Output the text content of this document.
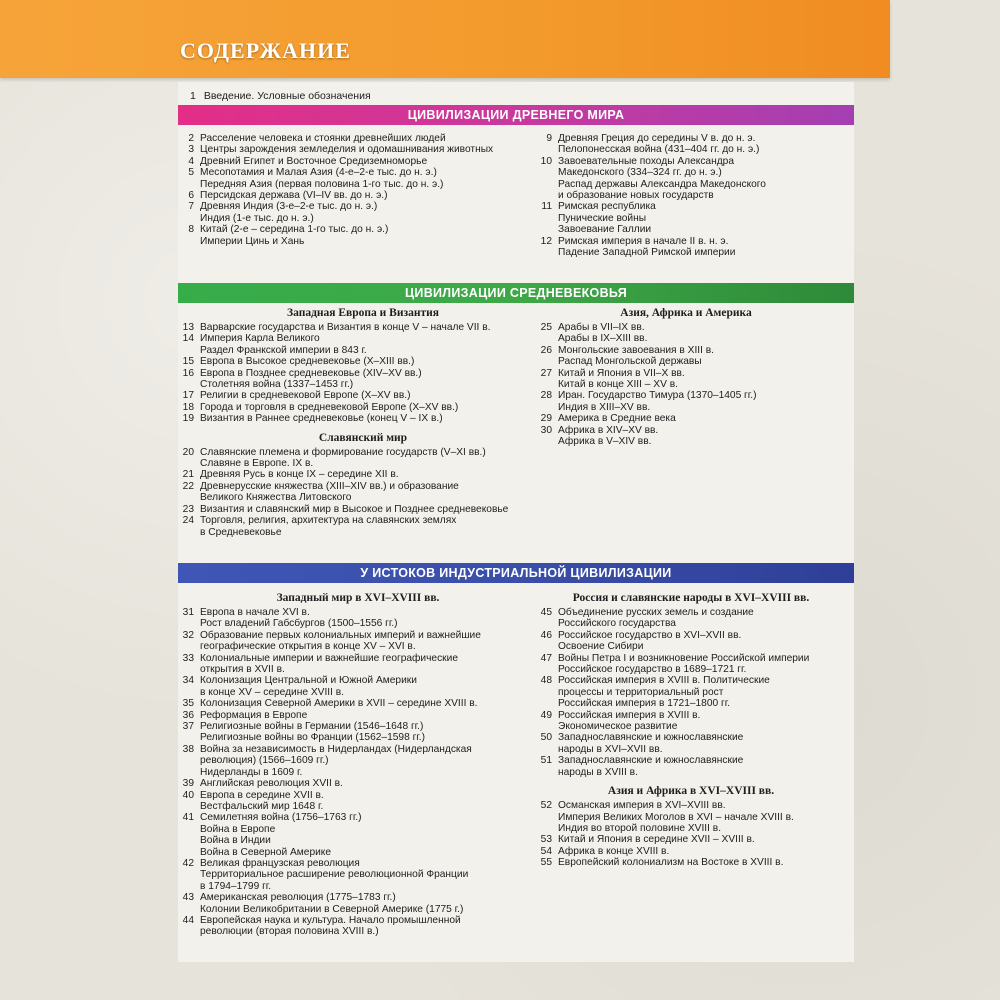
СОДЕРЖАНИЕ
1 Введение. Условные обозначения
ЦИВИЛИЗАЦИИ ДРЕВНЕГО МИРА
2 Расселение человека и стоянки древнейших людей
3 Центры зарождения земледелия и одомашнивания животных
4 Древний Египет и Восточное Средиземноморье
5 Месопотамия и Малая Азия (4-е–2-е тыс. до н. э.)
Передняя Азия (первая половина 1-го тыс. до н. э.)
6 Персидская держава (VI–IV вв. до н. э.)
7 Древняя Индия (3-е–2-е тыс. до н. э.)
Индия (1-е тыс. до н. э.)
8 Китай (2-е – середина 1-го тыс. до н. э.)
Империи Цинь и Хань
9 Древняя Греция до середины V в. до н. э.
Пелопонесская война (431–404 гг. до н. э.)
10 Завоевательные походы Александра
Македонского (334–324 гг. до н. э.)
Распад державы Александра Македонского
и образование новых государств
11 Римская республика
Пунические войны
Завоевание Галлии
12 Римская империя в начале II в. н. э.
Падение Западной Римской империи
ЦИВИЛИЗАЦИИ СРЕДНЕВЕКОВЬЯ
Западная Европа и Византия
13 Варварские государства и Византия в конце V – начале VII в.
14 Империя Карла Великого
Раздел Франкской империи в 843 г.
15 Европа в Высокое средневековье (X–XIII вв.)
16 Европа в Позднее средневековье (XIV–XV вв.)
Столетняя война (1337–1453 гг.)
17 Религии в средневековой Европе (X–XV вв.)
18 Города и торговля в средневековой Европе (X–XV вв.)
19 Византия в Раннее средневековье (конец V – IX в.)
Славянский мир
20 Славянские племена и формирование государств (V–XI вв.)
Славяне в Европе. IX в.
21 Древняя Русь в конце IX – середине XII в.
22 Древнерусские княжества (XIII–XIV вв.) и образование
Великого Княжества Литовского
23 Византия и славянский мир в Высокое и Позднее средневековье
24 Торговля, религия, архитектура на славянских землях
в Средневековье
Азия, Африка и Америка
25 Арабы в VII–IX вв.
Арабы в IX–XIII вв.
26 Монгольские завоевания в XIII в.
Распад Монгольской державы
27 Китай и Япония в VII–X вв.
Китай в конце XIII – XV в.
28 Иран. Государство Тимура (1370–1405 гг.)
Индия в XIII–XV вв.
29 Америка в Средние века
30 Африка в XIV–XV вв.
Африка в V–XIV вв.
У ИСТОКОВ ИНДУСТРИАЛЬНОЙ ЦИВИЛИЗАЦИИ
Западный мир в XVI–XVIII вв.
31 Европа в начале XVI в.
Рост владений Габсбургов (1500–1556 гг.)
32 Образование первых колониальных империй и важнейшие
географические открытия в конце XV – XVI в.
33 Колониальные империи и важнейшие географические
открытия в XVII в.
34 Колонизация Центральной и Южной Америки
в конце XV – середине XVIII в.
35 Колонизация Северной Америки в XVII – середине XVIII в.
36 Реформация в Европе
37 Религиозные войны в Германии (1546–1648 гг.)
Религиозные войны во Франции (1562–1598 гг.)
38 Война за независимость в Нидерландах (Нидерландская
революция) (1566–1609 гг.)
Нидерланды в 1609 г.
39 Английская революция XVII в.
40 Европа в середине XVII в.
Вестфальский мир 1648 г.
41 Семилетняя война (1756–1763 гг.)
Война в Европе
Война в Индии
Война в Северной Америке
42 Великая французская революция
Территориальное расширение революционной Франции
в 1794–1799 гг.
43 Американская революция (1775–1783 гг.)
Колонии Великобритании в Северной Америке (1775 г.)
44 Европейская наука и культура. Начало промышленной
революции (вторая половина XVIII в.)
Россия и славянские народы в XVI–XVIII вв.
45 Объединение русских земель и создание
Российского государства
46 Российское государство в XVI–XVII вв.
Освоение Сибири
47 Войны Петра I и возникновение Российской империи
Российское государство в 1689–1721 гг.
48 Российская империя в XVIII в. Политические
процессы и территориальный рост
Российская империя в 1721–1800 гг.
49 Российская империя в XVIII в.
Экономическое развитие
50 Западнославянские и южнославянские
народы в XVI–XVII вв.
51 Западнославянские и южнославянские
народы в XVIII в.
Азия и Африка в XVI–XVIII вв.
52 Османская империя в XVI–XVIII вв.
Империя Великих Моголов в XVI – начале XVIII в.
Индия во второй половине XVIII в.
53 Китай и Япония в середине XVII – XVIII в.
54 Африка в конце XVIII в.
55 Европейский колониализм на Востоке в XVIII в.
